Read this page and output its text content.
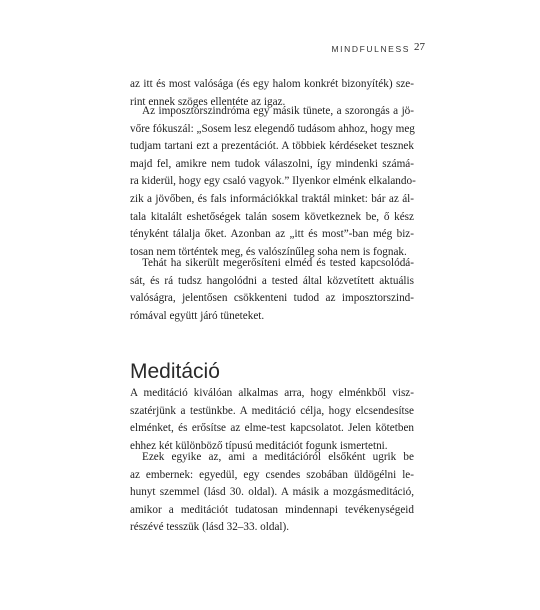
MINDFULNESS 27
az itt és most valósága (és egy halom konkrét bizonyíték) sze-
rint ennek szöges ellentéte az igaz.
Az imposztorszindróma egy másik tünete, a szorongás a jö-
vőre fókuszál: „Sosem lesz elegendő tudásom ahhoz, hogy meg
tudjam tartani ezt a prezentációt. A többiek kérdéseket tesznek
majd fel, amikre nem tudok válaszolni, így mindenki számá-
ra kiderül, hogy egy csaló vagyok.” Ilyenkor elménk elkalando-
zik a jövőben, és fals információkkal traktál minket: bár az ál-
tala kitalált eshetőségek talán sosem következnek be, ő kész
tényként tálalja őket. Azonban az „itt és most”-ban még biz-
tosan nem történtek meg, és valószínűleg soha nem is fognak.
Tehát ha sikerült megerősíteni elméd és tested kapcsolódá-
sát, és rá tudsz hangolódni a tested által közvetített aktuális
valóságra, jelentősen csökkenteni tudod az imposztorszind-
rómával együtt járó tüneteket.
Meditáció
A meditáció kiválóan alkalmas arra, hogy elménkből visz-
szatérjünk a testünkbe. A meditáció célja, hogy elcsendesítse
elménket, és erősítse az elme-test kapcsolatot. Jelen kötetben
ehhez két különböző típusú meditációt fogunk ismertetni.
Ezek egyike az, ami a meditációról elsőként ugrik be
az embernek: egyedül, egy csendes szobában üldögélni le-
hunyt szemmel (lásd 30. oldal). A másik a mozgásmeditáció,
amikor a meditációt tudatosan mindennapi tevékenységeid
részévé tesszük (lásd 32–33. oldal).
